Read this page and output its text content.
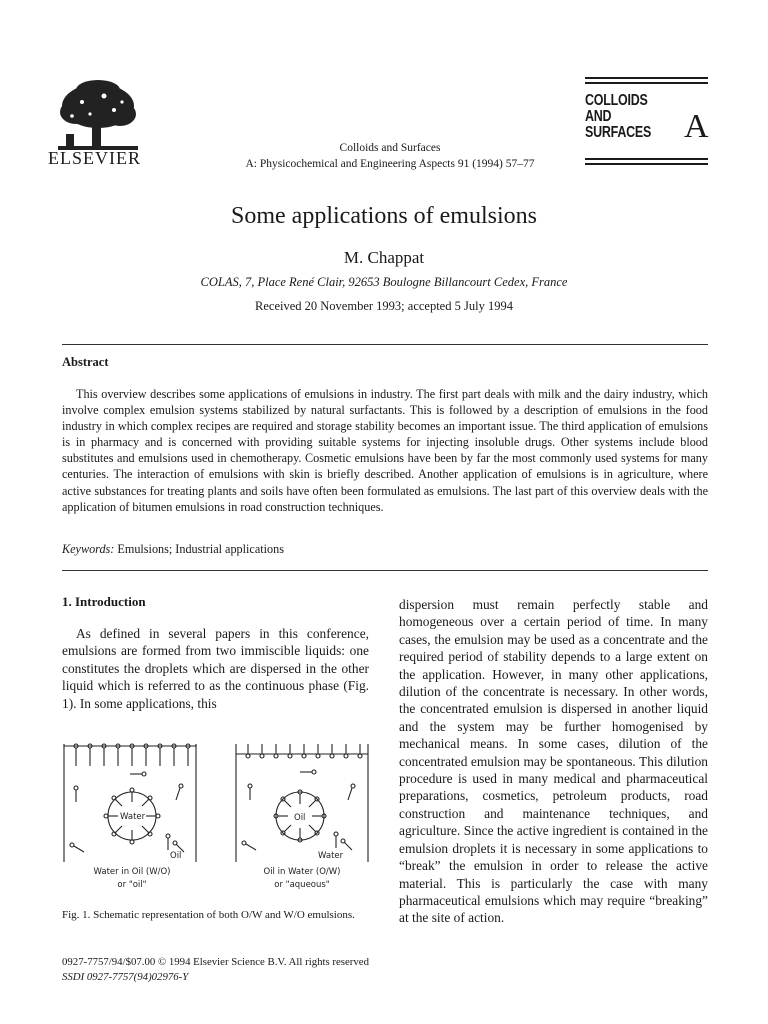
ELSEVIER	Colloids and Surfaces
A: Physicochemical and Engineering Aspects 91 (1994) 57–77
COLLOIDS
AND
SURFACES A
Some applications of emulsions
M. Chappat
COLAS, 7, Place René Clair, 92653 Boulogne Billancourt Cedex, France
Received 20 November 1993; accepted 5 July 1994
Abstract
This overview describes some applications of emulsions in industry. The first part deals with milk and the dairy industry, which involve complex emulsion systems stabilized by natural surfactants. This is followed by a description of emulsions in the food industry in which complex recipes are required and storage stability becomes an important issue. The third application of emulsions is in pharmacy and is concerned with providing suitable systems for injecting insoluble drugs. Other systems include blood substitutes and emulsions used in chemotherapy. Cosmetic emulsions have been by far the most commonly used systems for many centuries. The interaction of emulsions with skin is briefly described. Another application of emulsions is in agriculture, where active substances for treating plants and soils have often been formulated as emulsions. The last part of this overview deals with the application of bitumen emulsions in road construction techniques.
Keywords: Emulsions; Industrial applications
1. Introduction
As defined in several papers in this conference, emulsions are formed from two immiscible liquids: one constitutes the droplets which are dispersed in the other liquid which is referred to as the continuous phase (Fig. 1). In some applications, this
dispersion must remain perfectly stable and homogeneous over a certain period of time. In many cases, the emulsion may be used as a concentrate and the required period of stability depends to a large extent on the application. However, in many other applications, dilution of the concentrate is necessary. In other words, the concentrated emulsion is dispersed in another liquid and the system may be further homogenised by mechanical means. In some cases, dilution of the concentrated emulsion may be spontaneous. This dilution procedure is used in many medical and pharmaceutical preparations, cosmetics, petroleum products, road construction and maintenance techniques, and agriculture. Since the active ingredient is contained in the emulsion droplets it is necessary in some applications to “break” the emulsion in order to release the active material. This is particularly the case with many pharmaceutical emulsions which may require “breaking” at the site of action.
Water
Oil
Oil
Water
Water in Oil (W/O)
or "oil"
Oil in Water (O/W)
or "aqueous"
Fig. 1. Schematic representation of both O/W and W/O emulsions.
0927-7757/94/$07.00 © 1994 Elsevier Science B.V. All rights reserved
SSDI 0927-7757(94)02976-Y
